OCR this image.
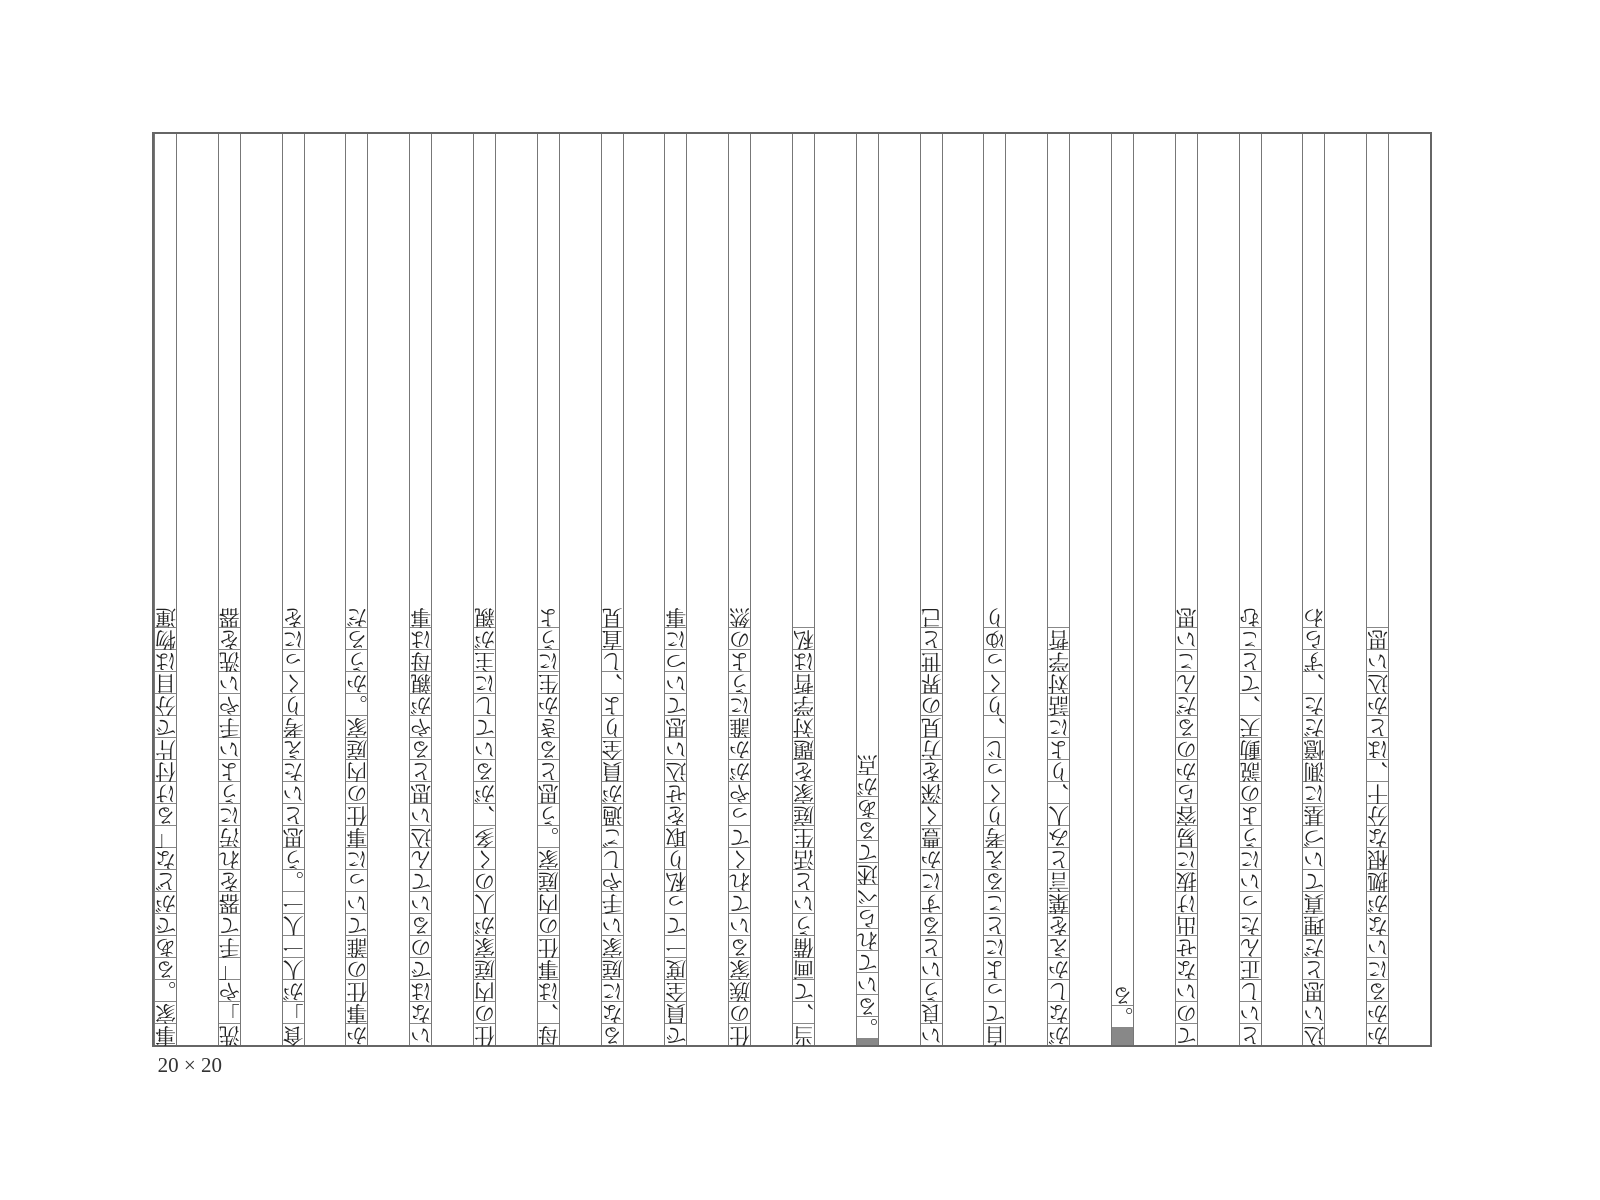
20 × 20
事
家
。
る
あ
で
が
ど
な
「
る
け
付
片
で
分
目
は
物
運
洗
」
や
「
手
て
器
を
れ
汚
に
う
よ
い
手
や
い
洗
を
器
食
」
が
人
一
人
一
。
う
思
と
い
た
え
考
り
く
っ
に
を
か
事
仕
の
誰
て
い
っ
に
事
仕
の
内
庭
家
。
か
う
ろ
だ
い
な
は
で
の
る
い
て
ん
込
い
思
と
る
や
が
親
母
は
事
仕
の
内
庭
家
が
人
の
く
多
、
が
る
い
て
し
に
主
が
親
母
、
は
事
仕
の
内
庭
家
。
う
思
と
る
き
か
生
に
う
よ
る
な
に
庭
家
い
手
や
し
ご
過
が
員
全
り
よ
、
し
直
見
で
員
全
度
一
て
っ
私
り
取
を
せ
込
い
思
て
い
つ
に
事
仕
の
族
家
る
い
て
れ
く
て
っ
や
が
か
誰
に
う
よ
の
然
当
、
て
画
備
う
い
と
活
生
庭
家
を
題
対
学
哲
は
私
。
る
い
て
れ
ら
べ
述
て
る
あ
が
点
い
良
う
い
と
る
す
に
か
豊
く
深
を
方
見
の
界
世
と
己
自
て
っ
よ
に
と
こ
る
え
考
り
く
っ
じ
、
り
く
っ
ゆ
り
が
な
し
か
え
を
葉
言
と
み
人
、
り
よ
に
話
対
学
哲
。
る
て
の
い
な
せ
出
け
抜
に
易
容
ら
か
の
る
だ
ん
こ
い
思
と
い
し
正
ん
た
っ
い
に
う
よ
の
説
動
天
、
て
と
こ
む
込
い
思
と
だ
理
真
て
い
づ
基
に
測
憶
だ
た
、
ず
ら
わ
か
か
る
に
い
な
が
拠
根
な
分
十
、
は
と
か
込
い
思
